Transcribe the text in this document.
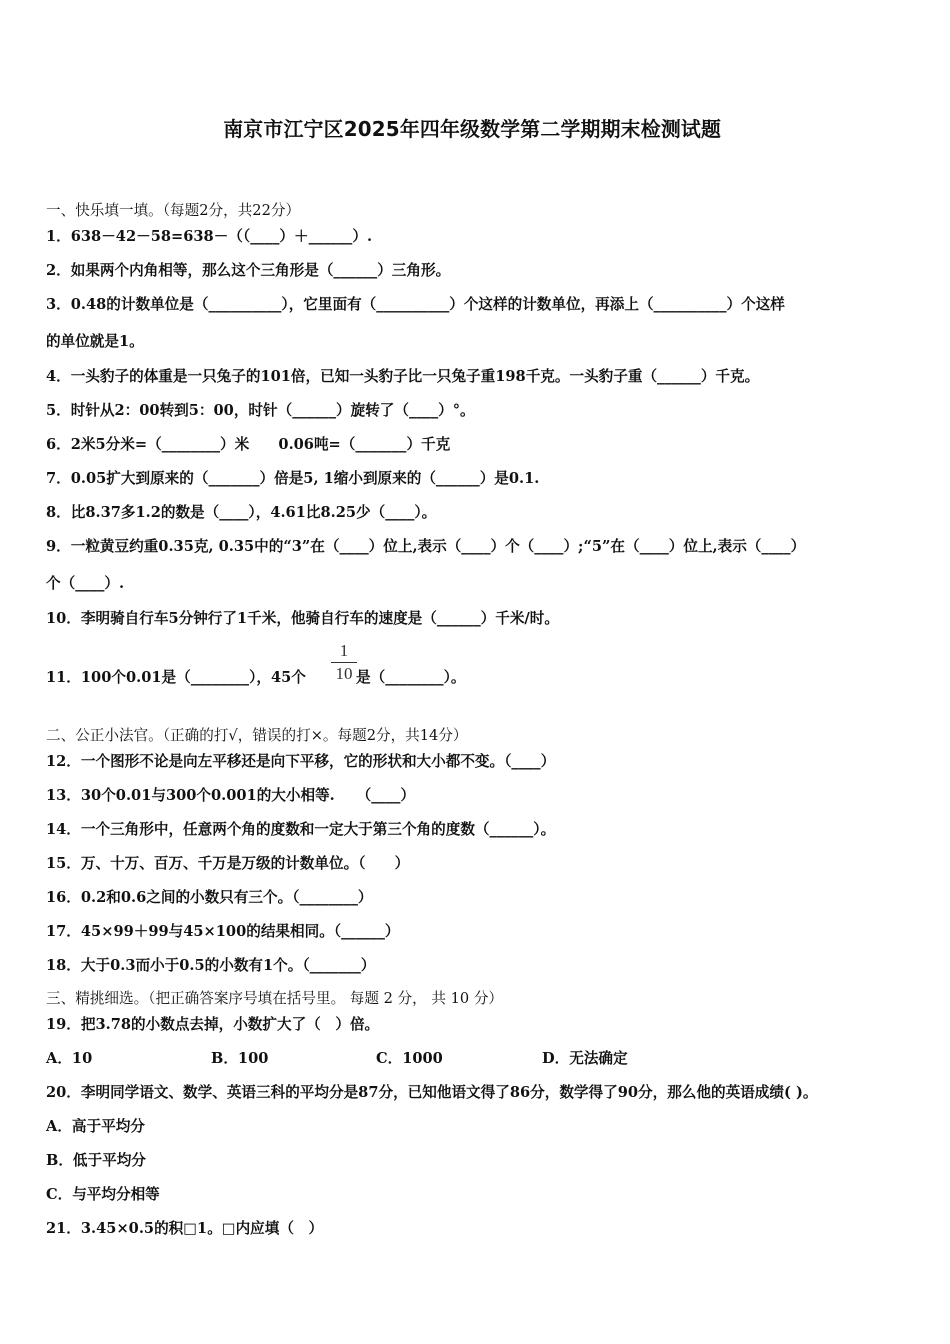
南京市江宁区2025年四年级数学第二学期期末检测试题
一、快乐填一填。（每题2分，共22分）
1．638－42－58=638－（（____）＋______）.
2．如果两个内角相等，那么这个三角形是（______）三角形。
3．0.48的计数单位是（__________），它里面有（__________）个这样的计数单位，再添上（__________）个这样
的单位就是1。
4．一头豹子的体重是一只兔子的101倍，已知一头豹子比一只兔子重198千克。一头豹子重（______）千克。
5．时针从2：00转到5：00，时针（______）旋转了（____）°。
6．2米5分米=（________）米　　0.06吨=（_______）千克
7．0.05扩大到原来的（_______）倍是5, 1缩小到原来的（______）是0.1.
8．比8.37多1.2的数是（____），4.61比8.25少（____）。
9．一粒黄豆约重0.35克, 0.35中的“3”在（____）位上,表示（____）个（____）;“5”在（____）位上,表示（____）
个（____）.
10．李明骑自行车5分钟行了1千米，他骑自行车的速度是（______）千米/时。
11．100个0.01是（________），45个
1
10 是（________）。
二、公正小法官。（正确的打√，错误的打×。每题2分，共14分）
12．一个图形不论是向左平移还是向下平移，它的形状和大小都不变。（____）
13．30个0.01与300个0.001的大小相等.　　（____）
14．一个三角形中，任意两个角的度数和一定大于第三个角的度数（______）。
15．万、十万、百万、千万是万级的计数单位。（　　）
16．0.2和0.6之间的小数只有三个。（________）
17．45×99＋99与45×100的结果相同。（______）
18．大于0.3而小于0.5的小数有1个。（_______）
三、精挑细选。（把正确答案序号填在括号里。 每题 2 分， 共 10 分）
19．把3.78的小数点去掉，小数扩大了（　）倍。
A．10	B．100	C．1000	D．无法确定
20．李明同学语文、数学、英语三科的平均分是87分，已知他语文得了86分，数学得了90分，那么他的英语成绩( )。
A．高于平均分
B．低于平均分
C．与平均分相等
21．3.45×0.5的积□1。□内应填（　）
